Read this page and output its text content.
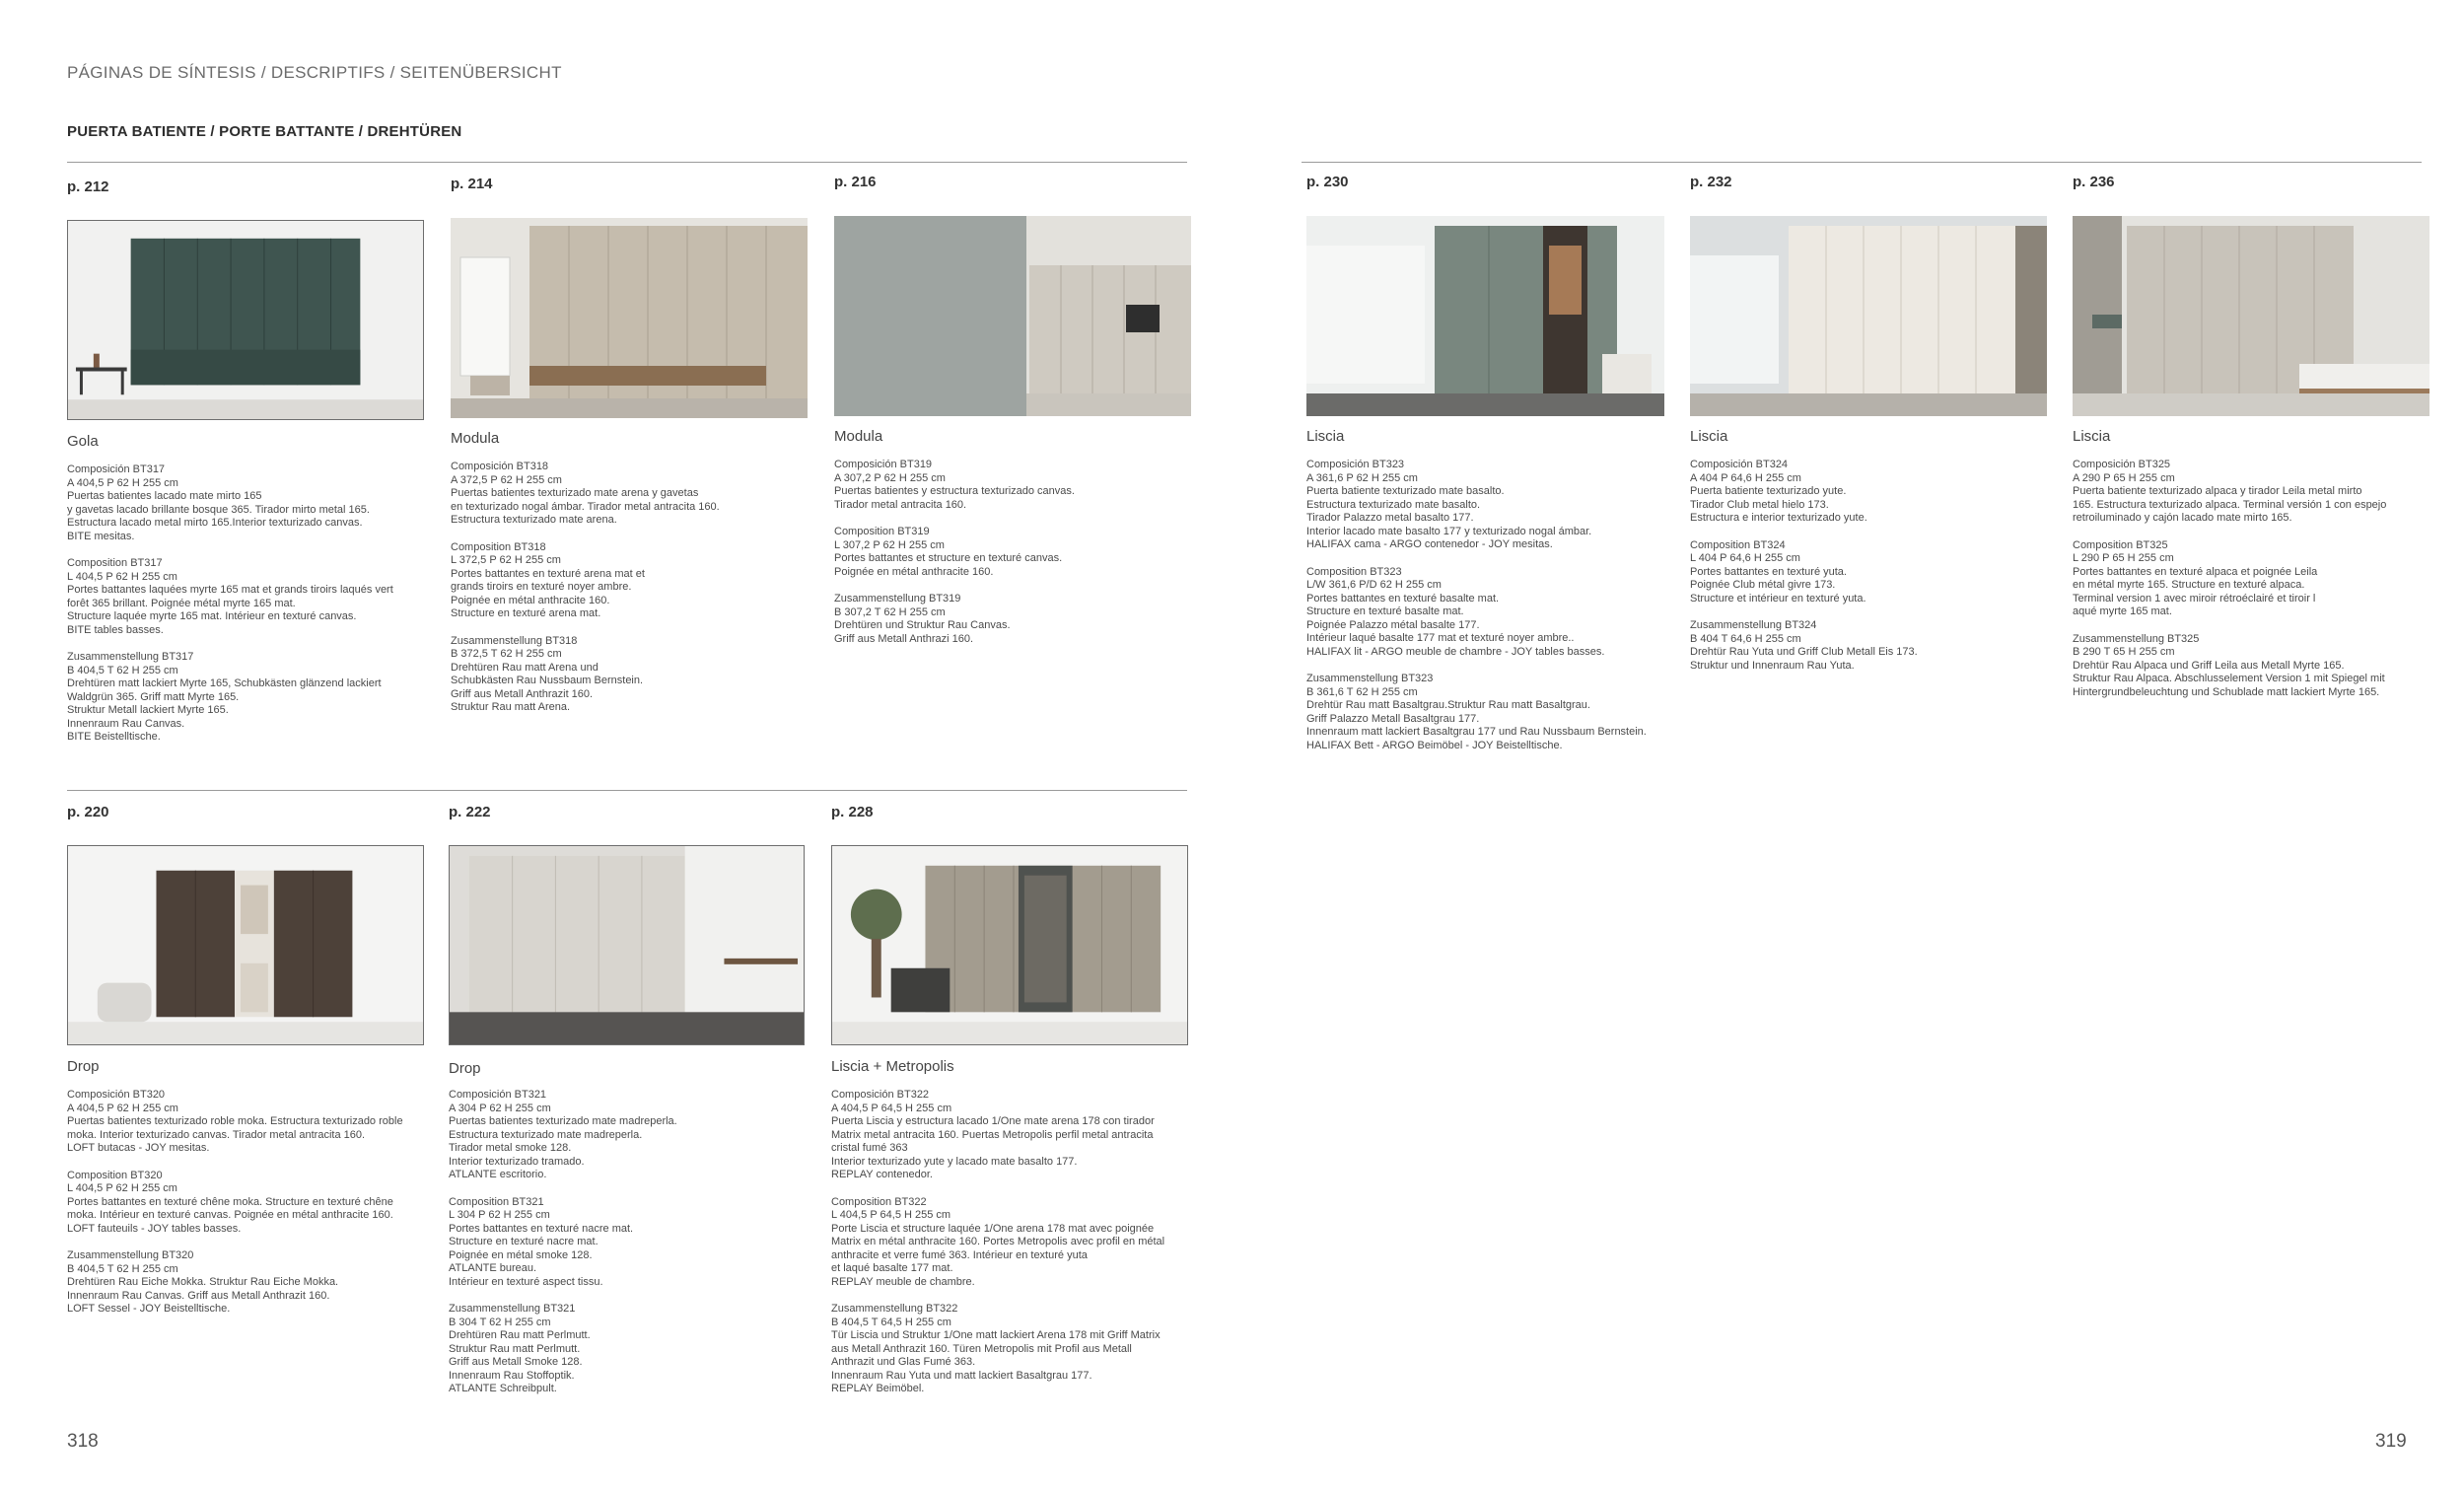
PÁGINAS DE SÍNTESIS / DESCRIPTIFS / SEITENÜBERSICHT
PUERTA BATIENTE / PORTE BATTANTE / DREHTÜREN
p. 212
Gola

Composición BT317
A 404,5 P 62 H 255 cm
Puertas batientes lacado mate mirto 165
y gavetas lacado brillante bosque 365. Tirador mirto metal 165.
Estructura lacado metal mirto 165.Interior texturizado canvas.
BITE mesitas.

Composition BT317
L 404,5 P 62 H 255 cm
Portes battantes laquées myrte 165 mat et grands tiroirs laqués vert
forêt 365 brillant. Poignée métal myrte 165 mat.
Structure laquée myrte 165 mat. Intérieur en texturé canvas.
BITE tables basses.

Zusammenstellung BT317
B 404,5 T 62 H 255 cm
Drehtüren matt lackiert Myrte 165, Schubkästen glänzend lackiert
Waldgrün 365. Griff matt Myrte 165.
Struktur Metall lackiert Myrte 165.
Innenraum Rau Canvas.
BITE Beistelltische.

p. 214
Modula

Composición BT318
A 372,5 P 62 H 255 cm
Puertas batientes texturizado mate arena y gavetas
en texturizado nogal ámbar. Tirador metal antracita 160.
Estructura texturizado mate arena.

Composition BT318
L 372,5 P 62 H 255 cm
Portes battantes en texturé arena mat et
grands tiroirs en texturé noyer ambre.
Poignée en métal anthracite 160.
Structure en texturé arena mat.

Zusammenstellung BT318
B 372,5 T 62 H 255 cm
Drehtüren Rau matt Arena und
Schubkästen Rau Nussbaum Bernstein.
Griff aus Metall Anthrazit 160.
Struktur Rau matt Arena.

p. 216
Modula

Composición BT319
A 307,2 P 62 H 255 cm
Puertas batientes y estructura texturizado canvas.
Tirador metal antracita 160.

Composition BT319
L 307,2 P 62 H 255 cm
Portes battantes et structure en texturé canvas.
Poignée en métal anthracite 160.

Zusammenstellung BT319
B 307,2 T 62 H 255 cm
Drehtüren und Struktur Rau Canvas.
Griff aus Metall Anthrazi 160.

p. 230
Liscia

Composición BT323
A 361,6 P 62 H 255 cm
Puerta batiente texturizado mate basalto.
Estructura texturizado mate basalto.
Tirador Palazzo metal basalto 177.
Interior lacado mate basalto 177 y texturizado nogal ámbar.
HALIFAX cama - ARGO contenedor - JOY mesitas.

Composition BT323
L/W 361,6 P/D 62 H 255 cm
Portes battantes en texturé basalte mat.
Structure en texturé basalte mat.
Poignée Palazzo métal basalte 177.
Intérieur laqué basalte 177 mat et texturé noyer ambre..
HALIFAX lit - ARGO meuble de chambre - JOY tables basses.

Zusammenstellung BT323
B 361,6 T 62 H 255 cm
Drehtür Rau matt Basaltgrau.Struktur Rau matt Basaltgrau.
Griff Palazzo Metall Basaltgrau 177.
Innenraum matt lackiert Basaltgrau 177 und Rau Nussbaum Bernstein.
HALIFAX Bett - ARGO Beimöbel - JOY Beistelltische.

p. 232
Liscia

Composición BT324
A 404 P 64,6 H 255 cm
Puerta batiente texturizado yute.
Tirador Club metal hielo 173.
Estructura e interior texturizado yute.

Composition BT324
L 404 P 64,6 H 255 cm
Portes battantes en texturé yuta.
Poignée Club métal givre 173.
Structure et intérieur en texturé yuta.

Zusammenstellung BT324
B 404 T 64,6 H 255 cm
Drehtür Rau Yuta und Griff Club Metall Eis 173.
Struktur und Innenraum Rau Yuta.

p. 236
Liscia

Composición BT325
A 290 P 65 H 255 cm
Puerta batiente texturizado alpaca y tirador Leila metal mirto
165. Estructura texturizado alpaca. Terminal versión 1 con espejo
retroiluminado y cajón lacado mate mirto 165.

Composition BT325
L 290 P 65 H 255 cm
Portes battantes en texturé alpaca et poignée Leila
en métal myrte 165. Structure en texturé alpaca.
Terminal version 1 avec miroir rétroéclairé et tiroir l
aqué myrte 165 mat.

Zusammenstellung BT325
B 290 T 65 H 255 cm
Drehtür Rau Alpaca und Griff Leila aus Metall Myrte 165.
Struktur Rau Alpaca. Abschlusselement Version 1 mit Spiegel mit
Hintergrundbeleuchtung und Schublade matt lackiert Myrte 165.

p. 220
Drop

Composición BT320
A 404,5 P 62 H 255 cm
Puertas batientes texturizado roble moka. Estructura texturizado roble
moka. Interior texturizado canvas. Tirador metal antracita 160.
LOFT butacas - JOY mesitas.

Composition BT320
L 404,5 P 62 H 255 cm
Portes battantes en texturé chêne moka. Structure en texturé chêne
moka. Intérieur en texturé canvas. Poignée en métal anthracite 160.
LOFT fauteuils - JOY tables basses.

Zusammenstellung BT320
B 404,5 T 62 H 255 cm
Drehtüren Rau Eiche Mokka. Struktur Rau Eiche Mokka.
Innenraum Rau Canvas. Griff aus Metall Anthrazit 160.
LOFT Sessel - JOY Beistelltische.

p. 222
Drop

Composición BT321
A 304 P 62 H 255 cm
Puertas batientes texturizado mate madreperla.
Estructura texturizado mate madreperla.
Tirador metal smoke 128.
Interior texturizado tramado.
ATLANTE escritorio.

Composition BT321
L 304 P 62 H 255 cm
Portes battantes en texturé nacre mat.
Structure en texturé nacre mat.
Poignée en métal smoke 128.
ATLANTE bureau.
Intérieur en texturé aspect tissu.

Zusammenstellung BT321
B 304 T 62 H 255 cm
Drehtüren Rau matt Perlmutt.
Struktur Rau matt Perlmutt.
Griff aus Metall Smoke 128.
Innenraum Rau Stoffoptik.
ATLANTE Schreibpult.

p. 228
Liscia + Metropolis

Composición BT322
A 404,5 P 64,5 H 255 cm
Puerta Liscia y estructura lacado 1/One mate arena 178 con tirador
Matrix metal antracita 160. Puertas Metropolis perfil metal antracita
cristal fumé 363
Interior texturizado yute y lacado mate basalto 177.
REPLAY contenedor.

Composition BT322
L 404,5 P 64,5 H 255 cm
Porte Liscia et structure laquée 1/One arena 178 mat avec poignée
Matrix en métal anthracite 160. Portes Metropolis avec profil en métal
anthracite et verre fumé 363. Intérieur en texturé yuta
et laqué basalte 177 mat.
REPLAY meuble de chambre.

Zusammenstellung BT322
B 404,5 T 64,5 H 255 cm
Tür Liscia und Struktur 1/One matt lackiert Arena 178 mit Griff Matrix
aus Metall Anthrazit 160. Türen Metropolis mit Profil aus Metall
Anthrazit und Glas Fumé 363.
Innenraum Rau Yuta und matt lackiert Basaltgrau 177.
REPLAY Beimöbel.

318	319
